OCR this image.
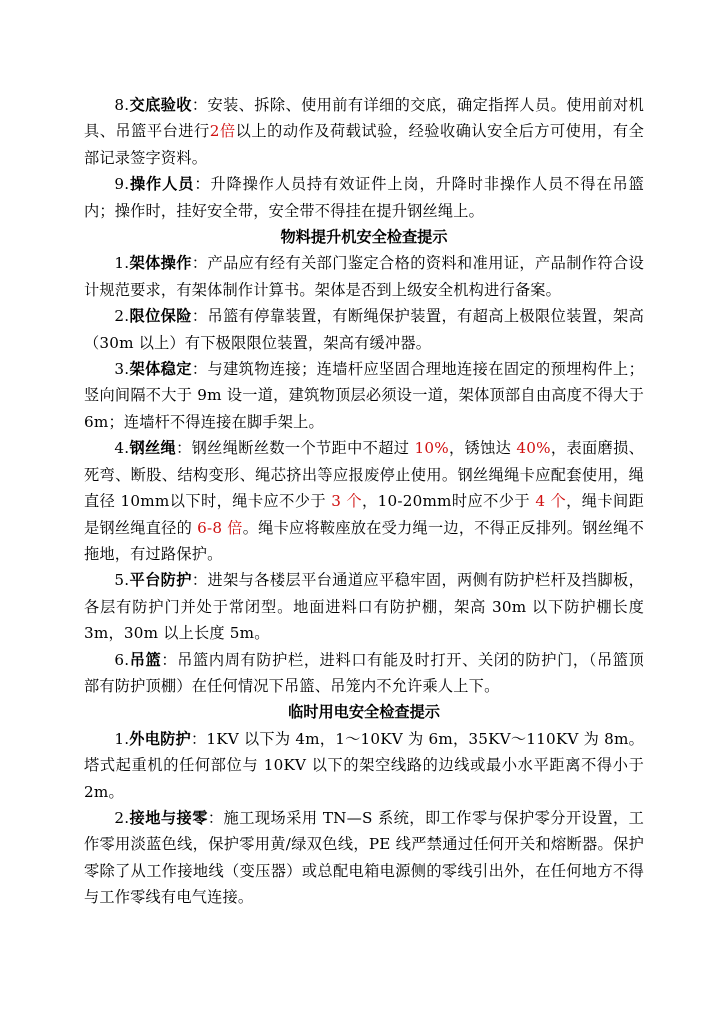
8.交底验收：安装、拆除、使用前有详细的交底，确定指挥人员。使用前对机具、吊篮平台进行2倍以上的动作及荷载试验，经验收确认安全后方可使用，有全部记录签字资料。

9.操作人员：升降操作人员持有效证件上岗，升降时非操作人员不得在吊篮内；操作时，挂好安全带，安全带不得挂在提升钢丝绳上。

物料提升机安全检查提示

1.架体操作：产品应有经有关部门鉴定合格的资料和准用证，产品制作符合设计规范要求，有架体制作计算书。架体是否到上级安全机构进行备案。

2.限位保险：吊篮有停靠装置，有断绳保护装置，有超高上极限位装置，架高（30m 以上）有下极限限位装置，架高有缓冲器。

3.架体稳定：与建筑物连接；连墙杆应坚固合理地连接在固定的预埋构件上；竖向间隔不大于 9m 设一道，建筑物顶层必须设一道，架体顶部自由高度不得大于 6m；连墙杆不得连接在脚手架上。

4.钢丝绳：钢丝绳断丝数一个节距中不超过 10%，锈蚀达 40%，表面磨损、死弯、断股、结构变形、绳芯挤出等应报废停止使用。钢丝绳绳卡应配套使用，绳直径 10mm以下时，绳卡应不少于 3 个，10-20mm时应不少于 4 个，绳卡间距是钢丝绳直径的 6-8 倍。绳卡应将鞍座放在受力绳一边，不得正反排列。钢丝绳不拖地，有过路保护。

5.平台防护：进架与各楼层平台通道应平稳牢固，两侧有防护栏杆及挡脚板，各层有防护门并处于常闭型。地面进料口有防护棚，架高 30m 以下防护棚长度 3m，30m 以上长度 5m。

6.吊篮：吊篮内周有防护栏，进料口有能及时打开、关闭的防护门，（吊篮顶部有防护顶棚）在任何情况下吊篮、吊笼内不允许乘人上下。

临时用电安全检查提示

1.外电防护：1KV 以下为 4m，1～10KV 为 6m，35KV～110KV 为 8m。塔式起重机的任何部位与 10KV 以下的架空线路的边线或最小水平距离不得小于 2m。

2.接地与接零：施工现场采用 TN—S 系统，即工作零与保护零分开设置，工作零用淡蓝色线，保护零用黄/绿双色线，PE 线严禁通过任何开关和熔断器。保护零除了从工作接地线（变压器）或总配电箱电源侧的零线引出外，在任何地方不得与工作零线有电气连接。
